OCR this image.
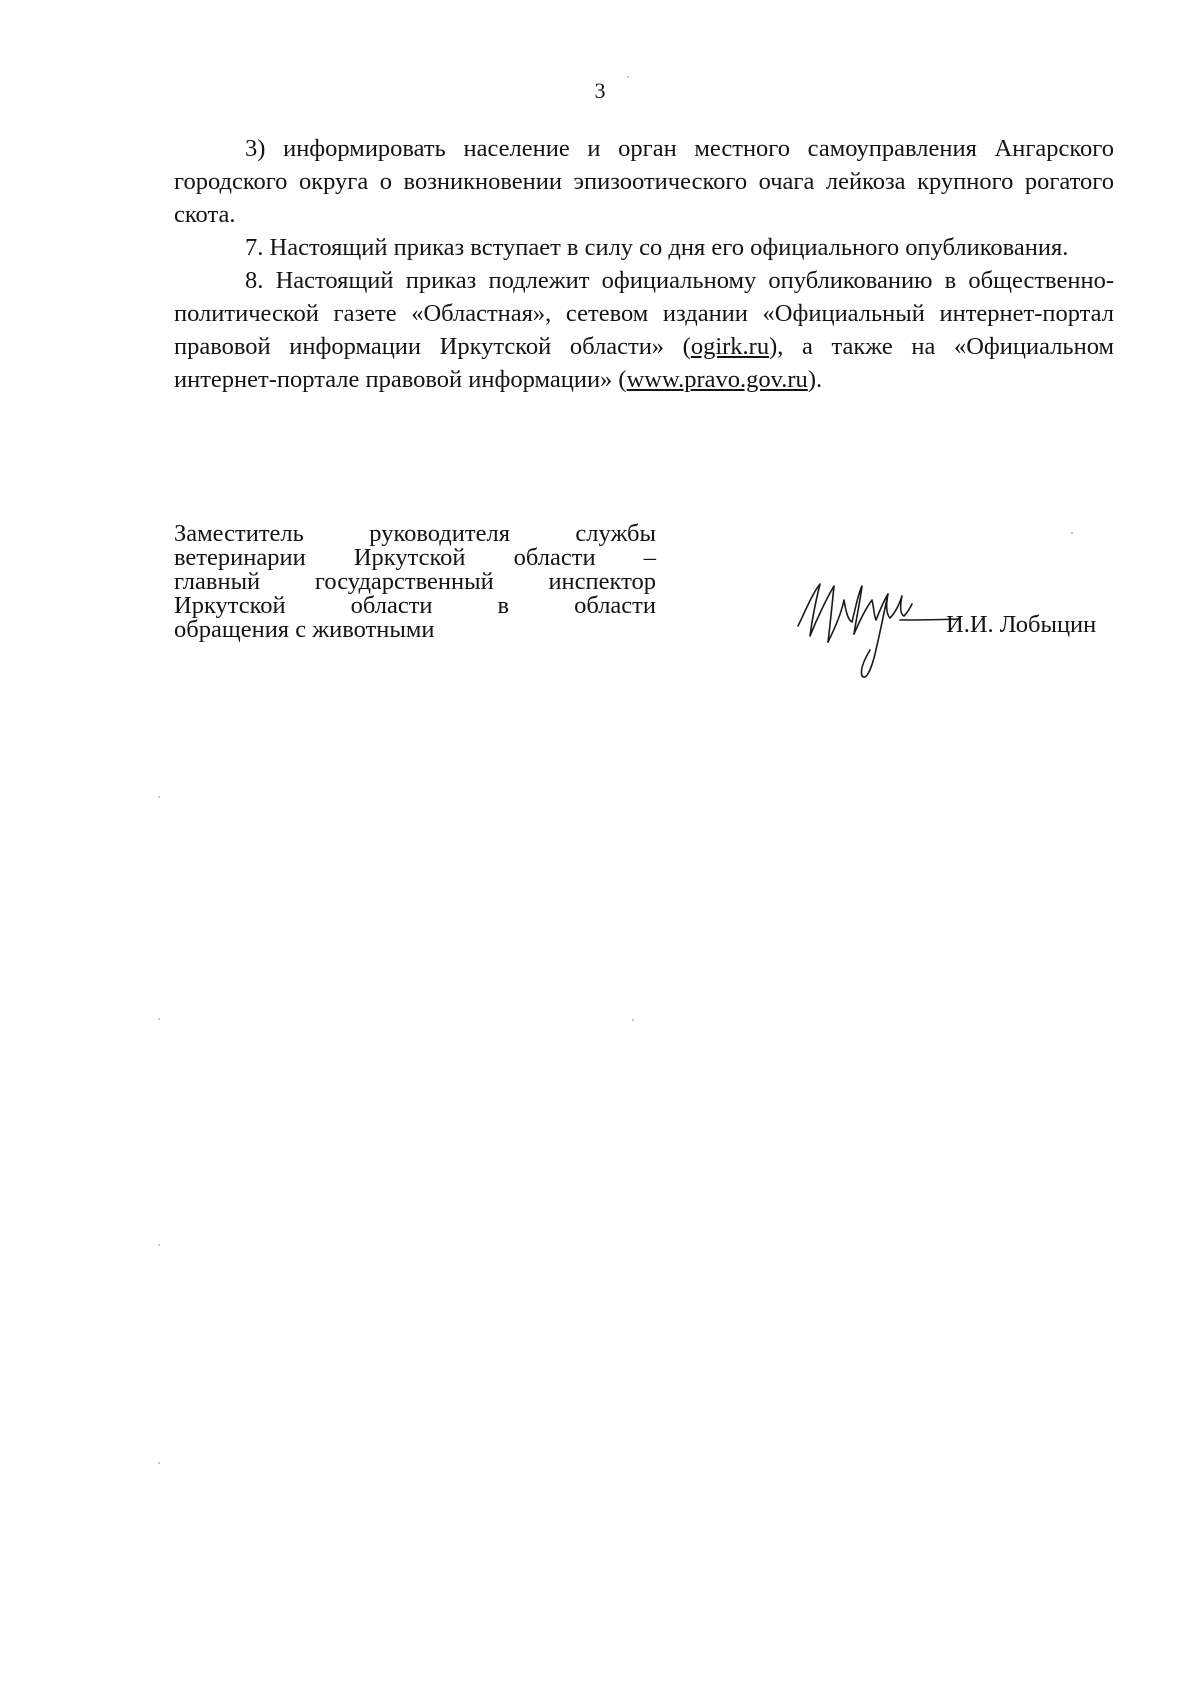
3

3) информировать население и орган местного самоуправления Ангарского городского округа о возникновении эпизоотического очага лейкоза крупного рогатого скота.

7. Настоящий приказ вступает в силу со дня его официального опубликования.

8. Настоящий приказ подлежит официальному опубликованию в общественно-политической газете «Областная», сетевом издании «Официальный интернет-портал правовой информации Иркутской области» (ogirk.ru), а также на «Официальном интернет-портале правовой информации» (www.pravo.gov.ru).

Заместитель руководителя службы
ветеринарии Иркутской области –
главный государственный инспектор
Иркутской области в области
обращения с животными	И.И. Лобыцин
